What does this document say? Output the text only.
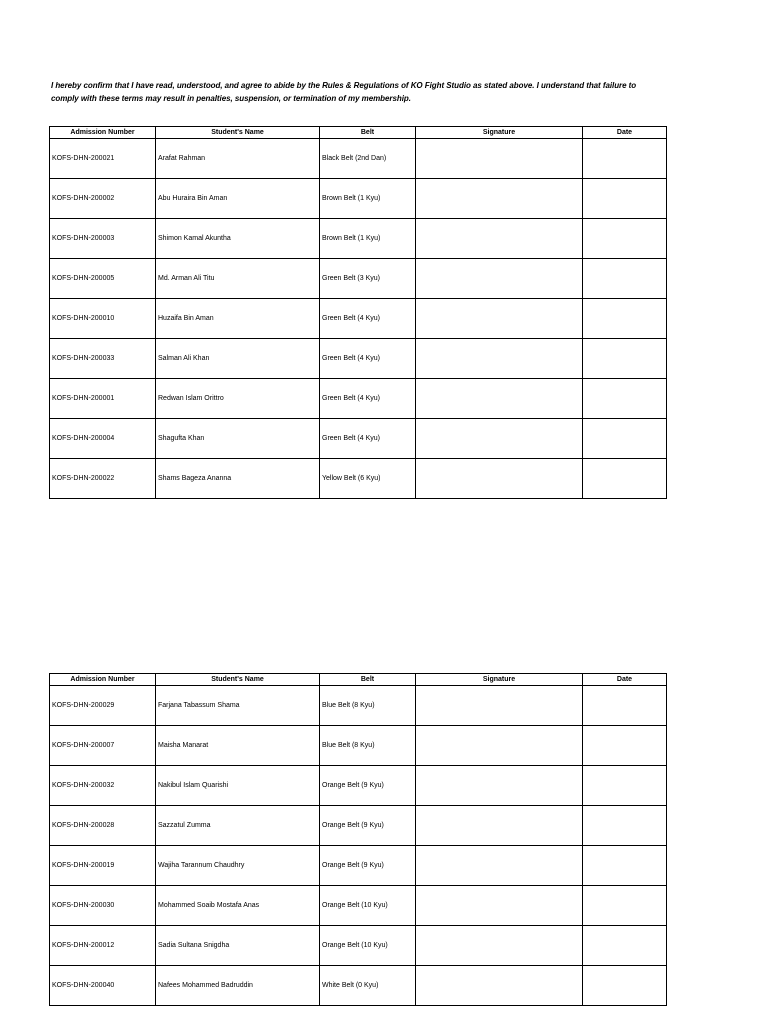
I hereby confirm that I have read, understood, and agree to abide by the Rules & Regulations of KO Fight Studio as stated above. I understand that failure to comply with these terms may result in penalties, suspension, or termination of my membership.

Admission Number	Student's Name	Belt	Signature	Date
KOFS-DHN-200021	Arafat Rahman	Black Belt (2nd Dan)		
KOFS-DHN-200002	Abu Huraira Bin Aman	Brown Belt (1 Kyu)		
KOFS-DHN-200003	Shimon Kamal Akuntha	Brown Belt (1 Kyu)		
KOFS-DHN-200005	Md. Arman Ali Titu	Green Belt (3 Kyu)		
KOFS-DHN-200010	Huzaifa Bin Aman	Green Belt (4 Kyu)		
KOFS-DHN-200033	Salman Ali Khan	Green Belt (4 Kyu)		
KOFS-DHN-200001	Redwan Islam Orittro	Green Belt (4 Kyu)		
KOFS-DHN-200004	Shagufta Khan	Green Belt (4 Kyu)		
KOFS-DHN-200022	Shams Bageza Ananna	Yellow Belt (6 Kyu)		
Admission Number	Student's Name	Belt	Signature	Date
KOFS-DHN-200029	Farjana Tabassum Shama	Blue Belt (8 Kyu)		
KOFS-DHN-200007	Maisha Manarat	Blue Belt (8 Kyu)		
KOFS-DHN-200032	Nakibul Islam Quarishi	Orange Belt (9 Kyu)		
KOFS-DHN-200028	Sazzatul Zumma	Orange Belt (9 Kyu)		
KOFS-DHN-200019	Wajiha Tarannum Chaudhry	Orange Belt (9 Kyu)		
KOFS-DHN-200030	Mohammed Soaib Mostafa Anas	Orange Belt (10 Kyu)		
KOFS-DHN-200012	Sadia Sultana Snigdha	Orange Belt (10 Kyu)		
KOFS-DHN-200040	Nafees Mohammed Badruddin	White Belt (0 Kyu)		
